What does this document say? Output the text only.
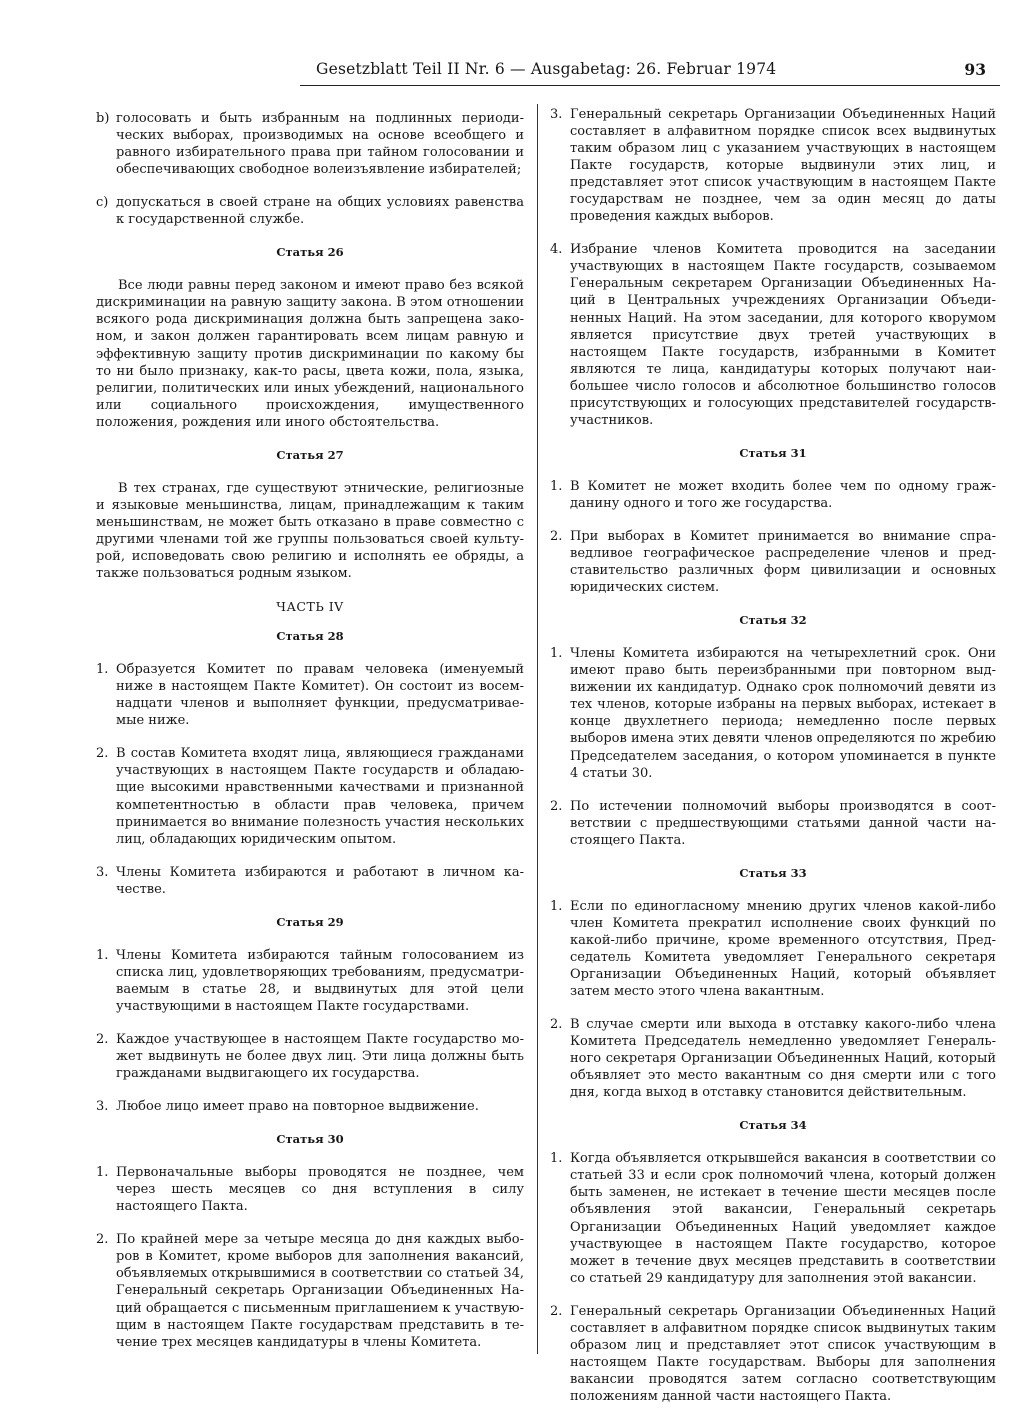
Gesetzblatt Teil II Nr. 6 — Ausgabetag: 26. Februar 1974	93
b) голосовать и быть избранным на подлинных периодических выборах, производимых на основе всеобщего и равного избирательного права при тайном голосовании и обеспечивающих свободное волеизъявление избирателей;
c) допускаться в своей стране на общих условиях равенства к государственной службе.
Статья 26
Все люди равны перед законом и имеют право без всякой дискриминации на равную защиту закона. В этом отношении всякого рода дискриминация должна быть запрещена законом, и закон должен гарантировать всем лицам равную и эффективную защиту против дискриминации по какому бы то ни было признаку, как-то расы, цвета кожи, пола, языка, религии, политических или иных убеждений, национального или социального происхождения, имущественного положения, рождения или иного обстоятельства.
Статья 27
В тех странах, где существуют этнические, религиозные и языковые меньшинства, лицам, принадлежащим к таким меньшинствам, не может быть отказано в праве совместно с другими членами той же группы пользоваться своей культурой, исповедовать свою религию и исполнять ее обряды, а также пользоваться родным языком.
ЧАСТЬ IV
Статья 28
1. Образуется Комитет по правам человека (именуемый ниже в настоящем Пакте Комитет). Он состоит из восемнадцати членов и выполняет функции, предусматриваемые ниже.
2. В состав Комитета входят лица, являющиеся гражданами участвующих в настоящем Пакте государств и обладающие высокими нравственными качествами и признанной компетентностью в области прав человека, причем принимается во внимание полезность участия нескольких лиц, обладающих юридическим опытом.
3. Члены Комитета избираются и работают в личном качестве.
Статья 29
1. Члены Комитета избираются тайным голосованием из списка лиц, удовлетворяющих требованиям, предусматриваемым в статье 28, и выдвинутых для этой цели участвующими в настоящем Пакте государствами.
2. Каждое участвующее в настоящем Пакте государство может выдвинуть не более двух лиц. Эти лица должны быть гражданами выдвигающего их государства.
3. Любое лицо имеет право на повторное выдвижение.
Статья 30
1. Первоначальные выборы проводятся не позднее, чем через шесть месяцев со дня вступления в силу настоящего Пакта.
2. По крайней мере за четыре месяца до дня каждых выборов в Комитет, кроме выборов для заполнения вакансий, объявляемых открывшимися в соответствии со статьей 34, Генеральный секретарь Организации Объединенных Наций обращается с письменным приглашением к участвующим в настоящем Пакте государствам представить в течение трех месяцев кандидатуры в члены Комитета.
3. Генеральный секретарь Организации Объединенных Наций составляет в алфавитном порядке список всех выдвинутых таким образом лиц с указанием участвующих в настоящем Пакте государств, которые выдвинули этих лиц, и представляет этот список участвующим в настоящем Пакте государствам не позднее, чем за один месяц до даты проведения каждых выборов.
4. Избрание членов Комитета проводится на заседании участвующих в настоящем Пакте государств, созываемом Генеральным секретарем Организации Объединенных Наций в Центральных учреждениях Организации Объединенных Наций. На этом заседании, для которого кворумом является присутствие двух третей участвующих в настоящем Пакте государств, избранными в Комитет являются те лица, кандидатуры которых получают наибольшее число голосов и абсолютное большинство голосов присутствующих и голосующих представителей государств-участников.
Статья 31
1. В Комитет не может входить более чем по одному гражданину одного и того же государства.
2. При выборах в Комитет принимается во внимание справедливое географическое распределение членов и представительство различных форм цивилизации и основных юридических систем.
Статья 32
1. Члены Комитета избираются на четырехлетний срок. Они имеют право быть переизбранными при повторном выдвижении их кандидатур. Однако срок полномочий девяти из тех членов, которые избраны на первых выборах, истекает в конце двухлетнего периода; немедленно после первых выборов имена этих девяти членов определяются по жребию Председателем заседания, о котором упоминается в пункте 4 статьи 30.
2. По истечении полномочий выборы производятся в соответствии с предшествующими статьями данной части настоящего Пакта.
Статья 33
1. Если по единогласному мнению других членов какой-либо член Комитета прекратил исполнение своих функций по какой-либо причине, кроме временного отсутствия, Председатель Комитета уведомляет Генерального секретаря Организации Объединенных Наций, который объявляет затем место этого члена вакантным.
2. В случае смерти или выхода в отставку какого-либо члена Комитета Председатель немедленно уведомляет Генерального секретаря Организации Объединенных Наций, который объявляет это место вакантным со дня смерти или с того дня, когда выход в отставку становится действительным.
Статья 34
1. Когда объявляется открывшейся вакансия в соответствии со статьей 33 и если срок полномочий члена, который должен быть заменен, не истекает в течение шести месяцев после объявления этой вакансии, Генеральный секретарь Организации Объединенных Наций уведомляет каждое участвующее в настоящем Пакте государство, которое может в течение двух месяцев представить в соответствии со статьей 29 кандидатуру для заполнения этой вакансии.
2. Генеральный секретарь Организации Объединенных Наций составляет в алфавитном порядке список выдвинутых таким образом лиц и представляет этот список участвующим в настоящем Пакте государствам. Выборы для заполнения вакансии проводятся затем согласно соответствующим положениям данной части настоящего Пакта.
